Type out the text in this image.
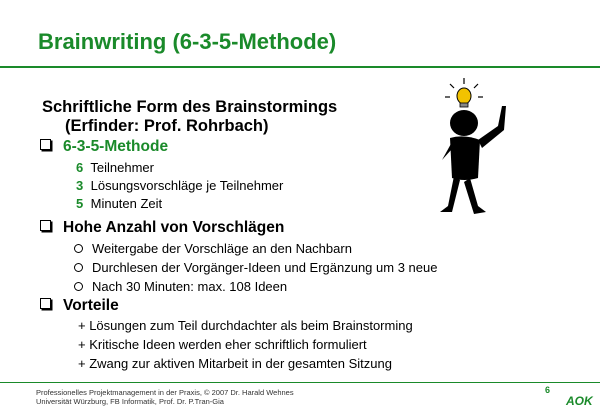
Brainwriting (6-3-5-Methode)
Schriftliche Form des Brainstormings
(Erfinder: Prof. Rohrbach)
6-3-5-Methode
6 Teilnehmer
3 Lösungsvorschläge je Teilnehmer
5 Minuten Zeit
Hohe Anzahl von Vorschlägen
Weitergabe der Vorschläge an den Nachbarn
Durchlesen der Vorgänger-Ideen und Ergänzung um 3 neue
Nach 30 Minuten: max. 108 Ideen
Vorteile
+ Lösungen zum Teil durchdachter als beim Brainstorming
+ Kritische Ideen werden eher schriftlich formuliert
+ Zwang zur aktiven Mitarbeit in der gesamten Sitzung
Professionelles Projektmanagement in der Praxis, © 2007 Dr. Harald Wehnes
Universität Würzburg, FB Informatik, Prof. Dr. P.Tran-Gia
6
AOK
